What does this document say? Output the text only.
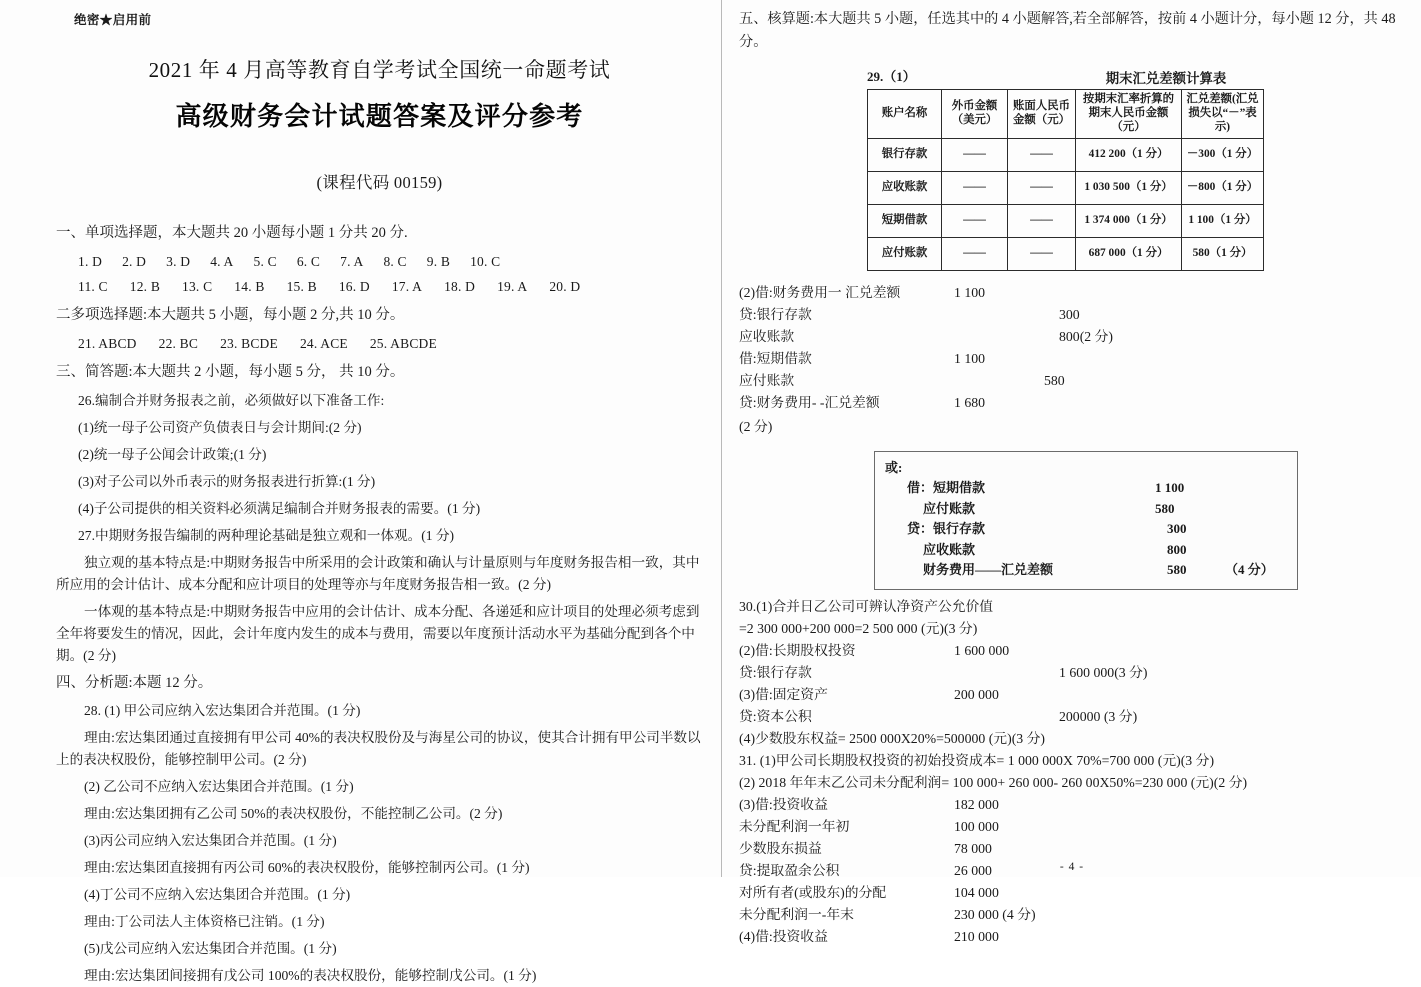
绝密★启用前
2021 年 4 月高等教育自学考试全国统一命题考试
高级财务会计试题答案及评分参考
(课程代码 00159)
一、单项选择题，本大题共 20 小题每小题 1 分共 20 分.
1. D 2. D 3. D 4. A 5. C 6. C 7. A 8. C 9. B 10. C
11. C 12. B 13. C 14. B 15. B 16. D 17. A 18. D 19. A 20. D
二多项选择题:本大题共 5 小题，每小题 2 分,共 10 分。
21. ABCD 22. BC 23. BCDE 24. ACE 25. ABCDE
三、简答题:本大题共 2 小题，每小题 5 分， 共 10 分。
26.编制合并财务报表之前，必须做好以下准备工作:
(1)统一母子公司资产负债表日与会计期间:(2 分)
(2)统一母子公闻会计政策;(1 分)
(3)对子公司以外币表示的财务报表进行折算:(1 分)
(4)子公司提供的相关资料必须满足编制合并财务报表的需要。(1 分)
27.中期财务报告编制的两种理论基础是独立观和一体观。(1 分)
独立观的基本特点是:中期财务报告中所采用的会计政策和确认与计量原则与年度财务报告相一致，其中所应用的会计估计、成本分配和应计项目的处理等亦与年度财务报告相一致。(2 分)
一体观的基本特点是:中期财务报告中应用的会计估计、成本分配、各递延和应计项目的处理必须考虑到全年将要发生的情况，因此，会计年度内发生的成本与费用，需要以年度预计活动水平为基础分配到各个中期。(2 分)
四、分析题:本题 12 分。
28. (1) 甲公司应纳入宏达集团合并范围。(1 分)
理由:宏达集团通过直接拥有甲公司 40%的表决权股份及与海星公司的协议，使其合计拥有甲公司半数以上的表决权股份，能够控制甲公司。(2 分)
(2) 乙公司不应纳入宏达集团合并范围。(1 分)
理由:宏达集团拥有乙公司 50%的表决权股份，不能控制乙公司。(2 分)
(3)丙公司应纳入宏达集团合并范围。(1 分)
理由:宏达集团直接拥有丙公司 60%的表决权股份，能够控制丙公司。(1 分)
(4)丁公司不应纳入宏达集团合并范围。(1 分)
理由:丁公司法人主体资格已注销。(1 分)
(5)戊公司应纳入宏达集团合并范围。(1 分)
理由:宏达集团间接拥有戊公司 100%的表决权股份，能够控制戊公司。(1 分)
五、核算题:本大题共 5 小题，任选其中的 4 小题解答,若全部解答，按前 4 小题计分，每小题 12 分，共 48 分。
29.（1）	期末汇兑差额计算表
账户名称	外币金额（美元）	账面人民币金额（元）	按期末汇率折算的期末人民币金额（元）	汇兑差额(汇兑损失以“－”表示)
银行存款	——	——	412 200（1 分）	－300（1 分）
应收账款	——	——	1 030 500（1 分）	－800（1 分）
短期借款	——	——	1 374 000（1 分）	1 100（1 分）
应付账款	——	——	687 000（1 分）	580（1 分）
(2)借:财务费用一 汇兑差额	1 100
贷:银行存款	300
应收账款	800(2 分)
借:短期借款	1 100
应付账款	580
贷:财务费用- -汇兑差额	1 680
(2 分)
或:
借：短期借款	1 100
应付账款	580
贷：银行存款	300
应收账款	800
财务费用——汇兑差额	580	（4 分）
30.(1)合并日乙公司可辨认净资产公允价值
=2 300 000+200 000=2 500 000 (元)(3 分)
(2)借:长期股权投资	1 600 000
贷:银行存款	1 600 000(3 分)
(3)借:固定资产	200 000
贷:资本公积	200000 (3 分)
(4)少数股东权益= 2500 000X20%=500000 (元)(3 分)
31. (1)甲公司长期股权投资的初始投资成本= 1 000 000X 70%=700 000 (元)(3 分)
(2) 2018 年年末乙公司未分配利润= 100 000+ 260 000- 260 00X50%=230 000 (元)(2 分)
(3)借:投资收益	182 000
未分配利润一年初	100 000
少数股东损益	78 000
贷:提取盈余公积	26 000
对所有者(或股东)的分配	104 000
未分配利润一-年末	230 000 (4 分)
(4)借:投资收益	210 000
- 4 -
